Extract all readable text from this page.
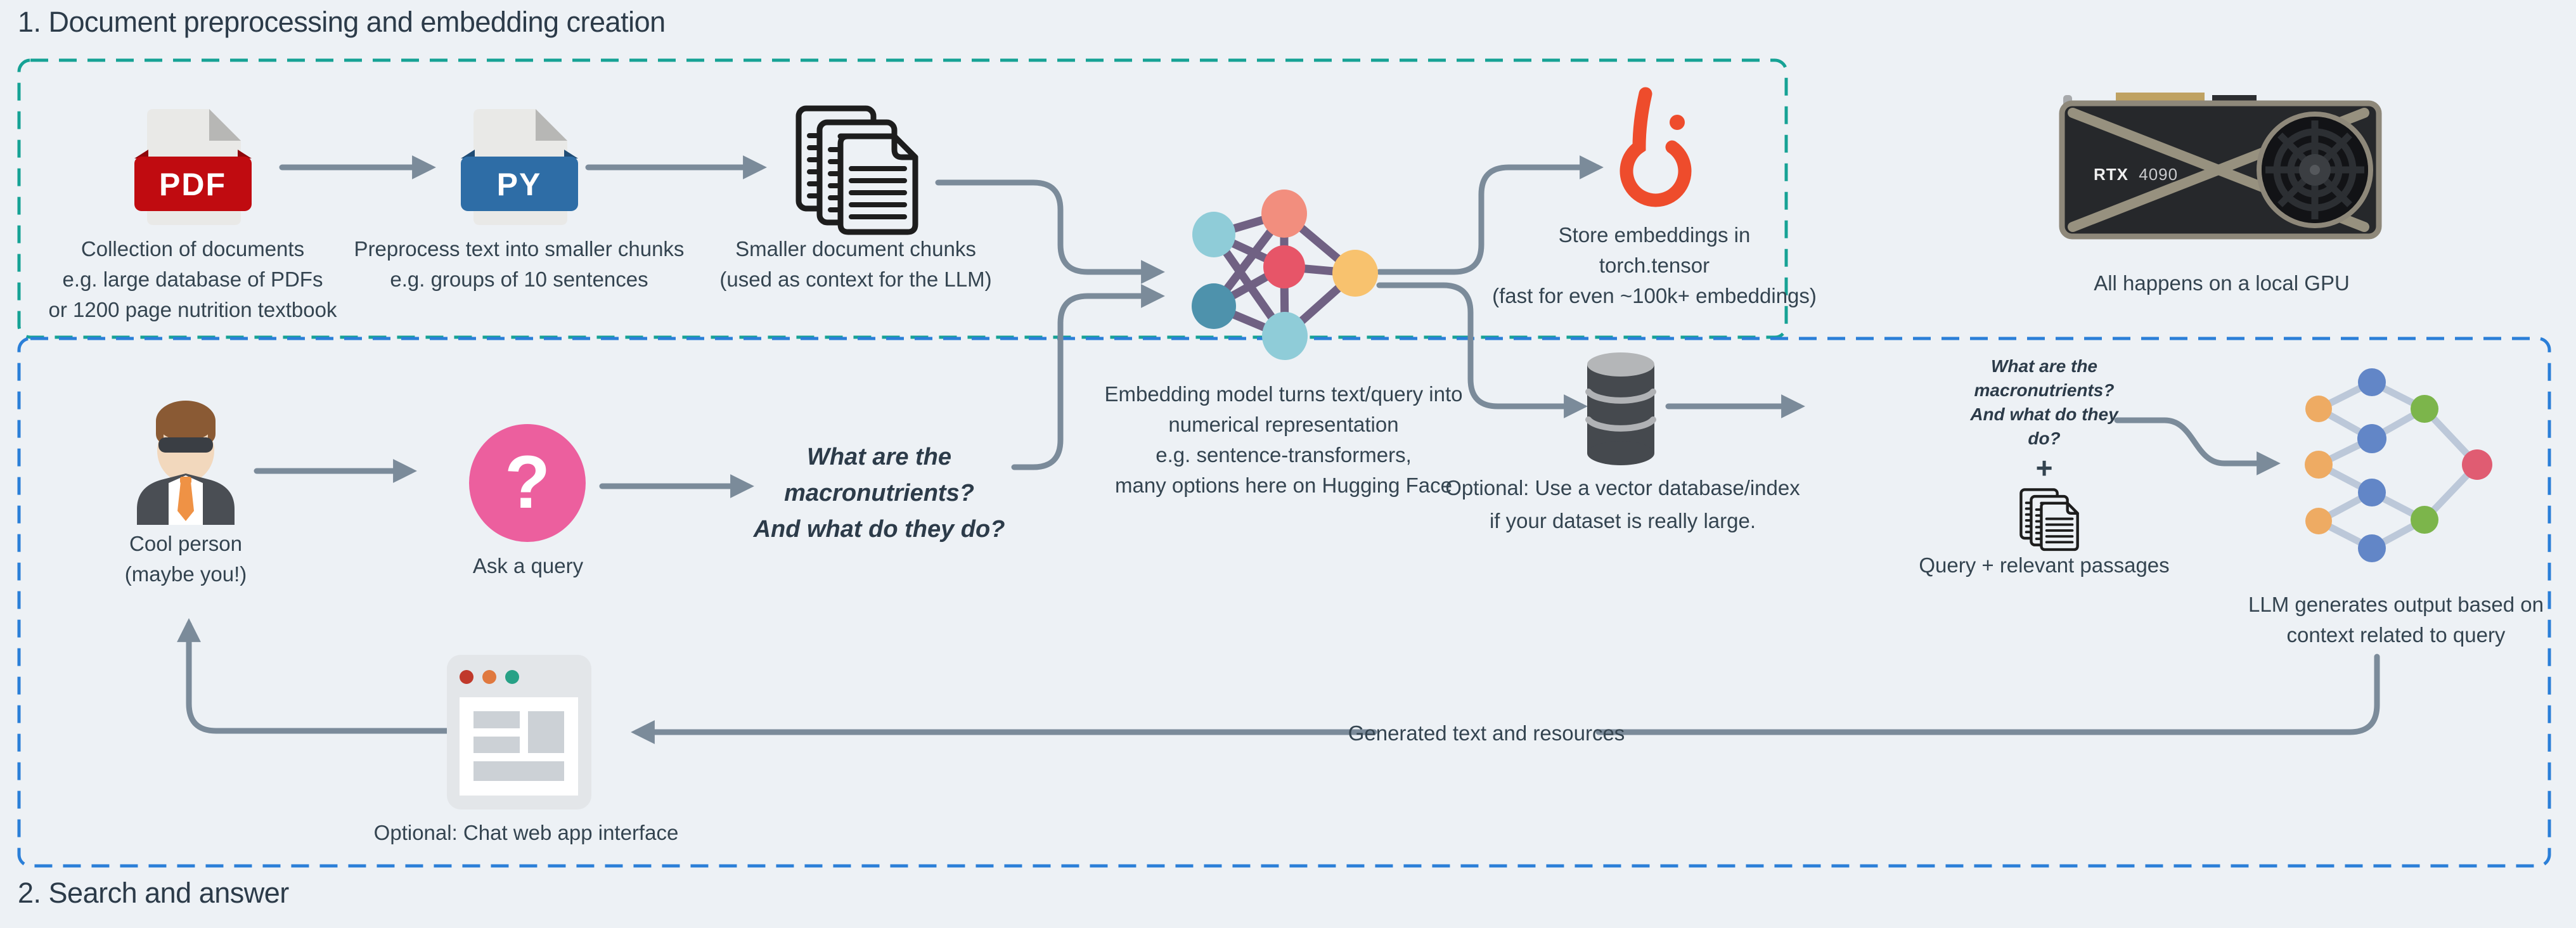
PDF	PY	RTX 4090
?
1. Document preprocessing and embedding creation
2. Search and answer
Collection of documents
e.g. large database of PDFs
or 1200 page nutrition textbook
Preprocess text into smaller chunks
e.g. groups of 10 sentences
Smaller document chunks
(used as context for the LLM)
Embedding model turns text/query into
numerical representation
e.g. sentence-transformers,
many options here on Hugging Face
Store embeddings in
torch.tensor
(fast for even ~100k+ embeddings)
All happens on a local GPU
Cool person
(maybe you!)	Ask a query
What are the
macronutrients?
And what do they do?
Optional: Use a vector database/index
if your dataset is really large.
What are the
macronutrients?
And what do they
do?
+
Query + relevant passages
LLM generates output based on
context related to query
Generated text and resources
Optional: Chat web app interface
